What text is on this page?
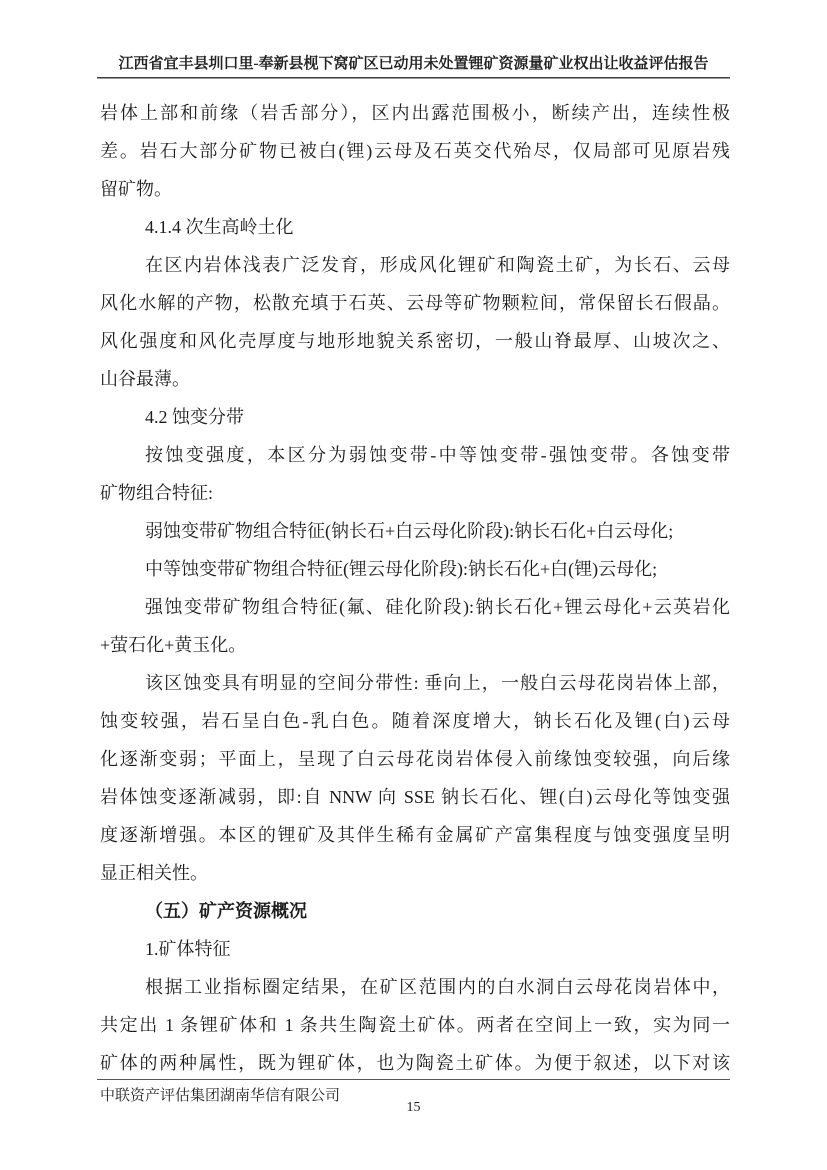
江西省宜丰县圳口里-奉新县枧下窝矿区已动用未处置锂矿资源量矿业权出让收益评估报告
岩体上部和前缘（岩舌部分），区内出露范围极小，断续产出，连续性极
差。岩石大部分矿物已被白(锂)云母及石英交代殆尽，仅局部可见原岩残
留矿物。
4.1.4 次生高岭土化
在区内岩体浅表广泛发育，形成风化锂矿和陶瓷土矿，为长石、云母
风化水解的产物，松散充填于石英、云母等矿物颗粒间，常保留长石假晶。
风化强度和风化壳厚度与地形地貌关系密切，一般山脊最厚、山坡次之、
山谷最薄。
4.2 蚀变分带
按蚀变强度，本区分为弱蚀变带-中等蚀变带-强蚀变带。各蚀变带
矿物组合特征:
弱蚀变带矿物组合特征(钠长石+白云母化阶段):钠长石化+白云母化;
中等蚀变带矿物组合特征(锂云母化阶段):钠长石化+白(锂)云母化;
强蚀变带矿物组合特征(氟、硅化阶段):钠长石化+锂云母化+云英岩化
+萤石化+黄玉化。
该区蚀变具有明显的空间分带性: 垂向上，一般白云母花岗岩体上部，
蚀变较强，岩石呈白色-乳白色。随着深度增大，钠长石化及锂(白)云母
化逐渐变弱；平面上，呈现了白云母花岗岩体侵入前缘蚀变较强，向后缘
岩体蚀变逐渐减弱，即:自 NNW 向 SSE 钠长石化、锂(白)云母化等蚀变强
度逐渐增强。本区的锂矿及其伴生稀有金属矿产富集程度与蚀变强度呈明
显正相关性。
（五）矿产资源概况
1.矿体特征
根据工业指标圈定结果，在矿区范围内的白水洞白云母花岗岩体中，
共定出 1 条锂矿体和 1 条共生陶瓷土矿体。两者在空间上一致，实为同一
矿体的两种属性，既为锂矿体，也为陶瓷土矿体。为便于叙述，以下对该
中联资产评估集团湖南华信有限公司
15
